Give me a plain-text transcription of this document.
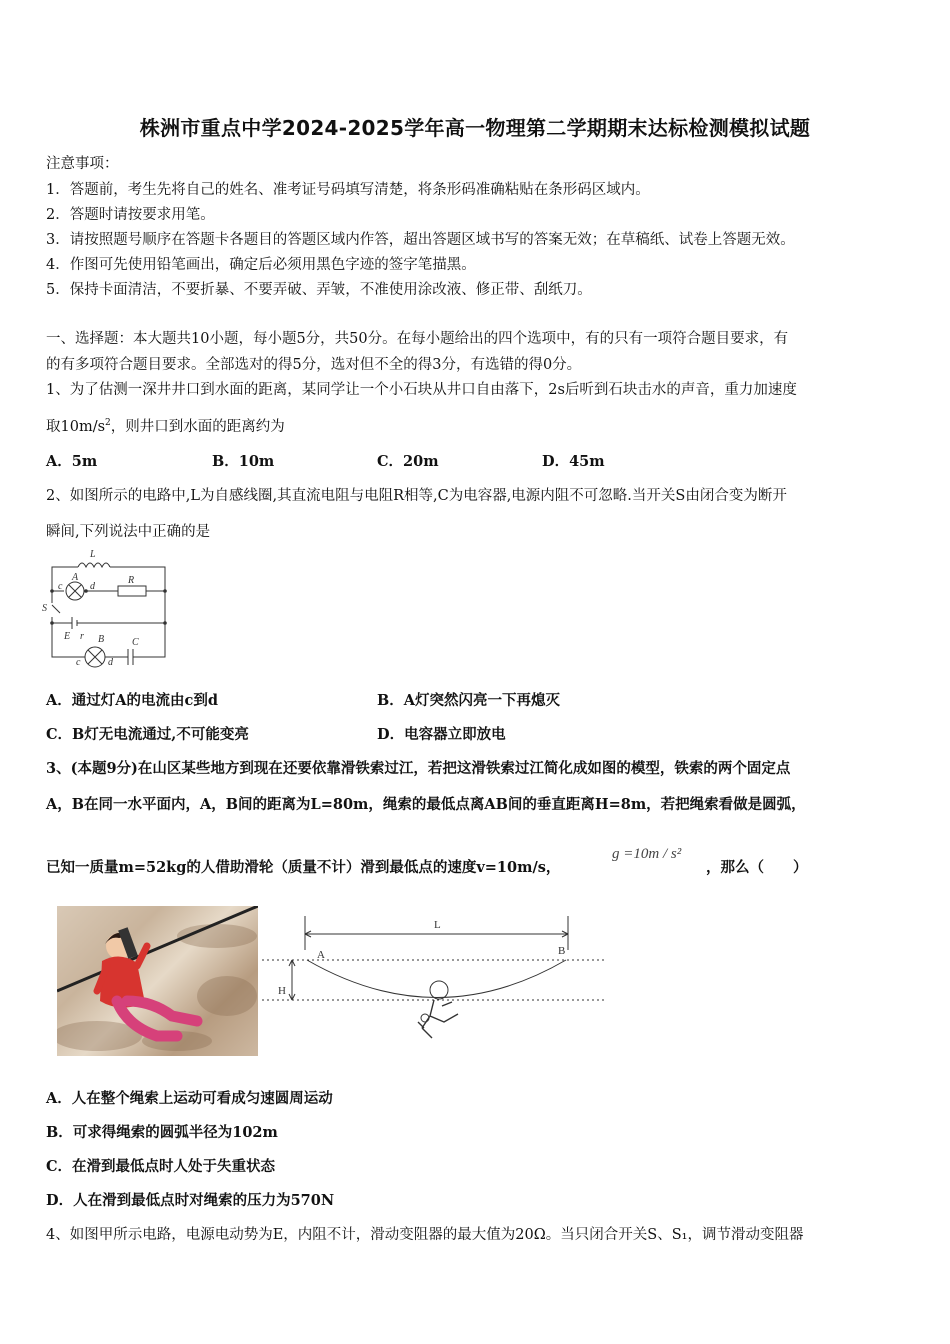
株洲市重点中学2024-2025学年高一物理第二学期期末达标检测模拟试题
注意事项：
1．答题前，考生先将自己的姓名、准考证号码填写清楚，将条形码准确粘贴在条形码区域内。
2．答题时请按要求用笔。
3．请按照题号顺序在答题卡各题目的答题区域内作答，超出答题区域书写的答案无效；在草稿纸、试卷上答题无效。
4．作图可先使用铅笔画出，确定后必须用黑色字迹的签字笔描黑。
5．保持卡面清洁，不要折暴、不要弄破、弄皱，不准使用涂改液、修正带、刮纸刀。
一、选择题：本大题共10小题，每小题5分，共50分。在每小题给出的四个选项中，有的只有一项符合题目要求，有
的有多项符合题目要求。全部选对的得5分，选对但不全的得3分，有选错的得0分。
1、为了估测一深井井口到水面的距离，某同学让一个小石块从井口自由落下，2s后听到石块击水的声音，重力加速度
取$10m/s^2$，则井口到水面的距离约为
A．5m	B．10m	C．20m	D．45m
2、如图所示的电路中,L为自感线圈,其直流电阻与电阻R相等,C为电容器,电源内阻不可忽略.当开关S由闭合变为断开
瞬间,下列说法中正确的是
L
A
c	d
R
S
E r B	C
c	d
A．通过灯A的电流由c到d	B．A灯突然闪亮一下再熄灭
C．B灯无电流通过,不可能变亮	D．电容器立即放电
3、(本题9分)在山区某些地方到现在还要依靠滑铁索过江，若把这滑铁索过江简化成如图的模型，铁索的两个固定点
A，B在同一水平面内，A，B间的距离为L=80m，绳索的最低点离AB间的垂直距离H=8m，若把绳索看做是圆弧，
已知一质量m=52kg的人借助滑轮（质量不计）滑到最低点的速度v=10m/s，
g =10m / s²
，那么（　　）
L
A	B
H
A．人在整个绳索上运动可看成匀速圆周运动
B．可求得绳索的圆弧半径为102m
C．在滑到最低点时人处于失重状态
D．人在滑到最低点时对绳索的压力为570N
4、如图甲所示电路，电源电动势为E，内阻不计，滑动变阻器的最大值为20Ω。当只闭合开关S、S₁，调节滑动变阻器
